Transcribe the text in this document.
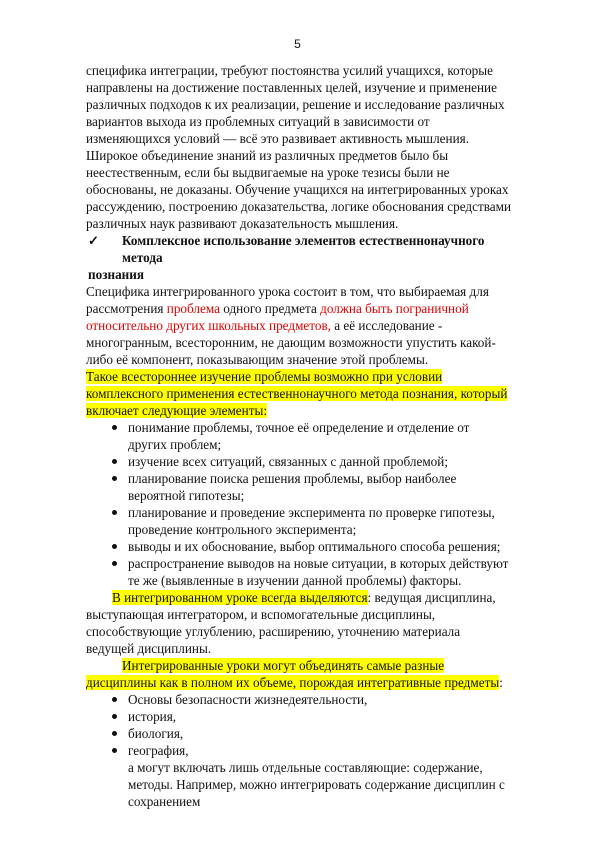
5

специфика интеграции, требуют постоянства усилий учащихся, которые направлены на достижение поставленных целей, изучение и применение различных подходов к их реализации, решение и исследование различных вариантов выхода из проблемных ситуаций в зависимости от изменяющихся условий — всё это развивает активность мышления. Широкое объединение знаний из различных предметов было бы неестественным, если бы выдвигаемые на уроке тезисы были не обоснованы, не доказаны. Обучение учащихся на интегрированных уроках рассуждению, построению доказательства, логике обоснования средствами различных наук развивают доказательность мышления.

✓	Комплексное использование элементов естественнонаучного метода
познания

Специфика интегрированного урока состоит в том, что выбираемая для рассмотрения проблема одного предмета должна быть пограничной относительно других школьных предметов, а её исследование - многогранным, всесторонним, не дающим возможности упустить какой-либо её компонент, показывающим значение этой проблемы.

Такое всестороннее изучение проблемы возможно при условии комплексного применения естественнонаучного метода познания, который включает следующие элементы:

понимание проблемы, точное её определение и отделение от других проблем;
изучение всех ситуаций, связанных с данной проблемой;
планирование поиска решения проблемы, выбор наиболее вероятной гипотезы;
планирование и проведение эксперимента по проверке гипотезы, проведение контрольного эксперимента;
выводы и их обоснование, выбор оптимального способа решения;
распространение выводов на новые ситуации, в которых действуют те же (выявленные в изучении данной проблемы) факторы.

В интегрированном уроке всегда выделяются: ведущая дисциплина, выступающая интегратором, и вспомогательные дисциплины, способствующие углублению, расширению, уточнению материала ведущей дисциплины.

Интегрированные уроки могут объединять самые разные дисциплины как в полном их объеме, порождая интегративные предметы:

Основы безопасности жизнедеятельности,
история,
биология,
география,

а могут включать лишь отдельные составляющие: содержание, методы. Например, можно интегрировать содержание дисциплин с сохранением
